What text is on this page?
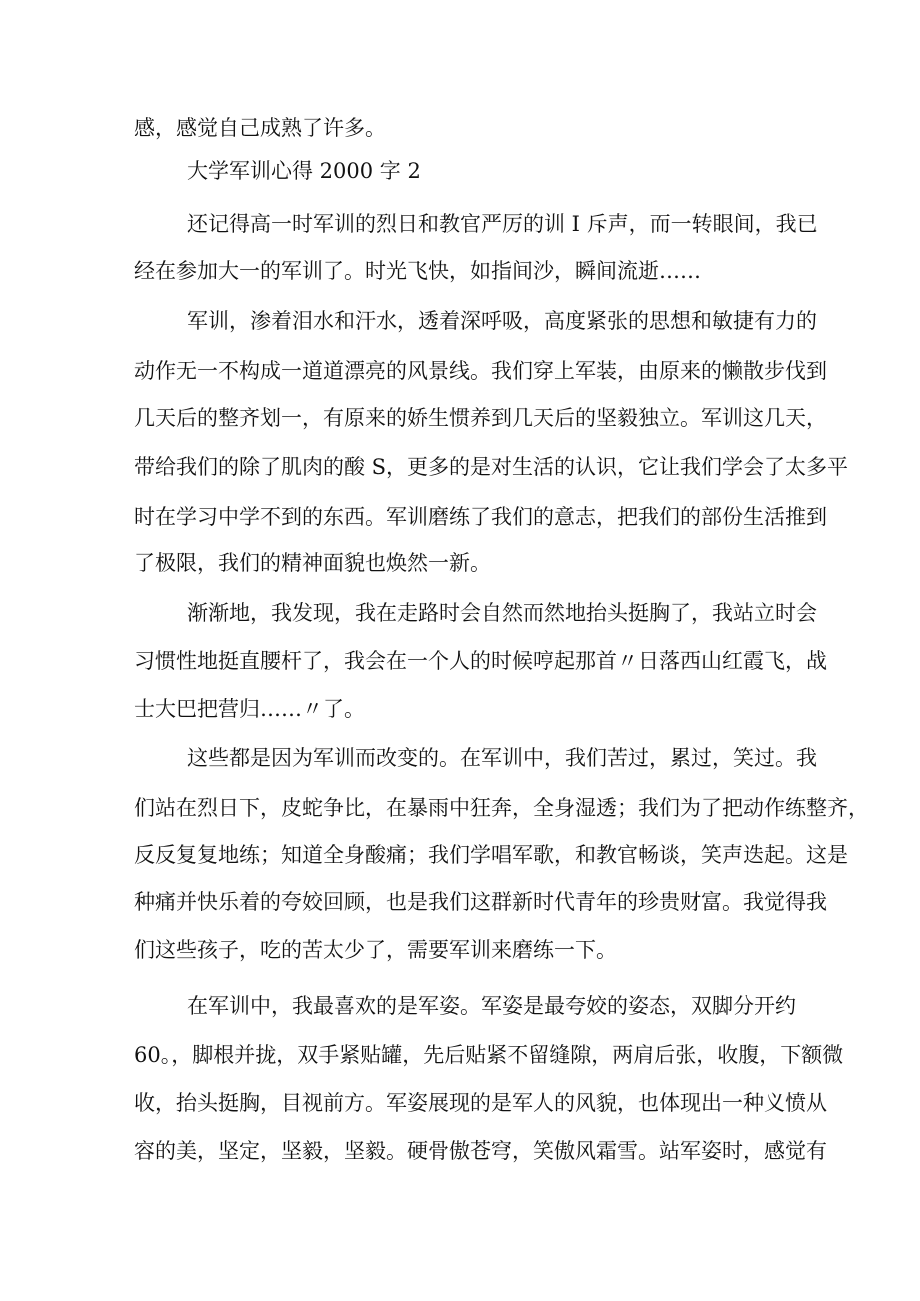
感，感觉自己成熟了许多。
大学军训心得 2000 字 2
还记得高一时军训的烈日和教官严厉的训 I 斥声，而一转眼间，我已
经在参加大一的军训了。时光飞快，如指间沙，瞬间流逝……
军训，渗着泪水和汗水，透着深呼吸，高度紧张的思想和敏捷有力的
动作无一不构成一道道漂亮的风景线。我们穿上军装，由原来的懒散步伐到
几天后的整齐划一，有原来的娇生惯养到几天后的坚毅独立。军训这几天，
带给我们的除了肌肉的酸 S，更多的是对生活的认识，它让我们学会了太多平
时在学习中学不到的东西。军训磨练了我们的意志，把我们的部份生活推到
了极限，我们的精神面貌也焕然一新。
渐渐地，我发现，我在走路时会自然而然地抬头挺胸了，我站立时会
习惯性地挺直腰杆了，我会在一个人的时候哼起那首〃日落西山红霞飞，战
士大巴把营归……〃了。
这些都是因为军训而改变的。在军训中，我们苦过，累过，笑过。我
们站在烈日下，皮蛇争比，在暴雨中狂奔，全身湿透；我们为了把动作练整齐，
反反复复地练；知道全身酸痛；我们学唱军歌，和教官畅谈，笑声迭起。这是
种痛并快乐着的夸姣回顾，也是我们这群新时代青年的珍贵财富。我觉得我
们这些孩子，吃的苦太少了，需要军训来磨练一下。
在军训中，我最喜欢的是军姿。军姿是最夸姣的姿态，双脚分开约
60。，脚根并拢，双手紧贴罐，先后贴紧不留缝隙，两肩后张，收腹，下额微
收，抬头挺胸，目视前方。军姿展现的是军人的风貌，也体现出一种义愤从
容的美，坚定，坚毅，坚毅。硬骨傲苍穹，笑傲风霜雪。站军姿时，感觉有
